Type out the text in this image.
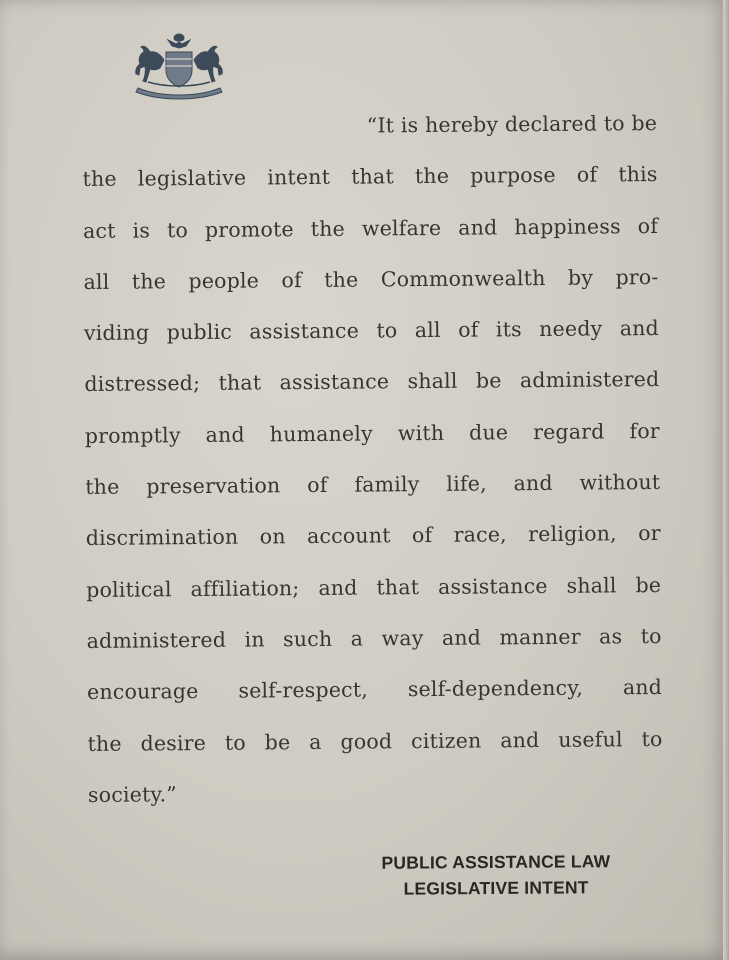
“It is hereby declared to be
the legislative intent that the purpose of this
act is to promote the welfare and happiness of
all the people of the Commonwealth by pro-
viding public assistance to all of its needy and
distressed; that assistance shall be administered
promptly and humanely with due regard for
the preservation of family life, and without
discrimination on account of race, religion, or
political affiliation; and that assistance shall be
administered in such a way and manner as to
encourage self-respect, self-dependency, and
the desire to be a good citizen and useful to
society.”
PUBLIC ASSISTANCE LAW
LEGISLATIVE INTENT
